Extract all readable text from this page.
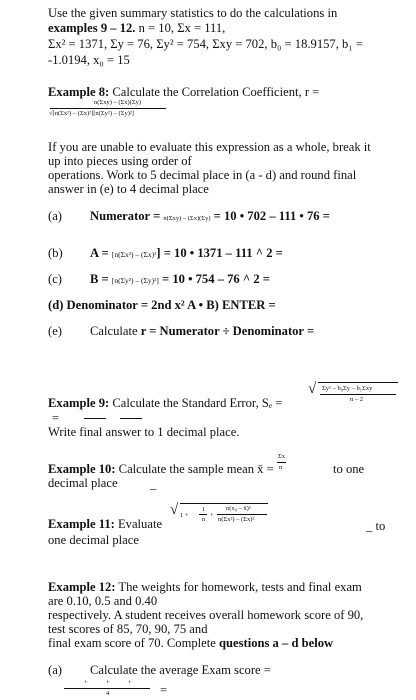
Use the given summary statistics to do the calculations in
examples 9 – 12. n = 10, Σx = 111,
Σx² = 1371, Σy = 76, Σy² = 754, Σxy = 702, b₀ = 18.9157, b₁ =
-1.0194, x₀ = 15
Example 8: Calculate the Correlation Coefficient, r =
n(Σxy) – (Σx)(Σy)
√[n(Σx²) – (Σx)²][n(Σy²) – (Σy)²]
If you are unable to evaluate this expression as a whole, break it
up into pieces using order of
operations. Work to 5 decimal place in (a - d) and round final
answer in (e) to 4 decimal place
(a) Numerator = n(Σxy) – (Σx)(Σy) = 10 • 702 – 111 • 76 =
(b) A = [n(Σx²) – (Σx)²] = 10 • 1371 – 111 ^ 2 =
(c) B = [n(Σy²) – (Σy)²] = 10 • 754 – 76 ^ 2 =
(d) Denominator = 2nd x² A • B) ENTER =
(e) Calculate r = Numerator ÷ Denominator =
Example 9: Calculate the Standard Error, Sₑ =
√ Σy² – b₀Σy – b₁Σxy
n – 2
=
Write final answer to 1 decimal place.
Σx
Example 10: Calculate the sample mean x̄ = n	to one
decimal place	_
√ 1 +
1
n
+
n(x₀ – x̄)²
n(Σx²) – (Σx)²
Example 11: Evaluate	_ to
one decimal place
Example 12: The weights for homework, tests and final exam
are 0.10, 0.5 and 0.40
respectively. A student receives overall homework score of 90,
test scores of 85, 70, 90, 75 and
final exam score of 70. Complete questions a – d below
(a) Calculate the average Exam score =
+	+	+
4	=
